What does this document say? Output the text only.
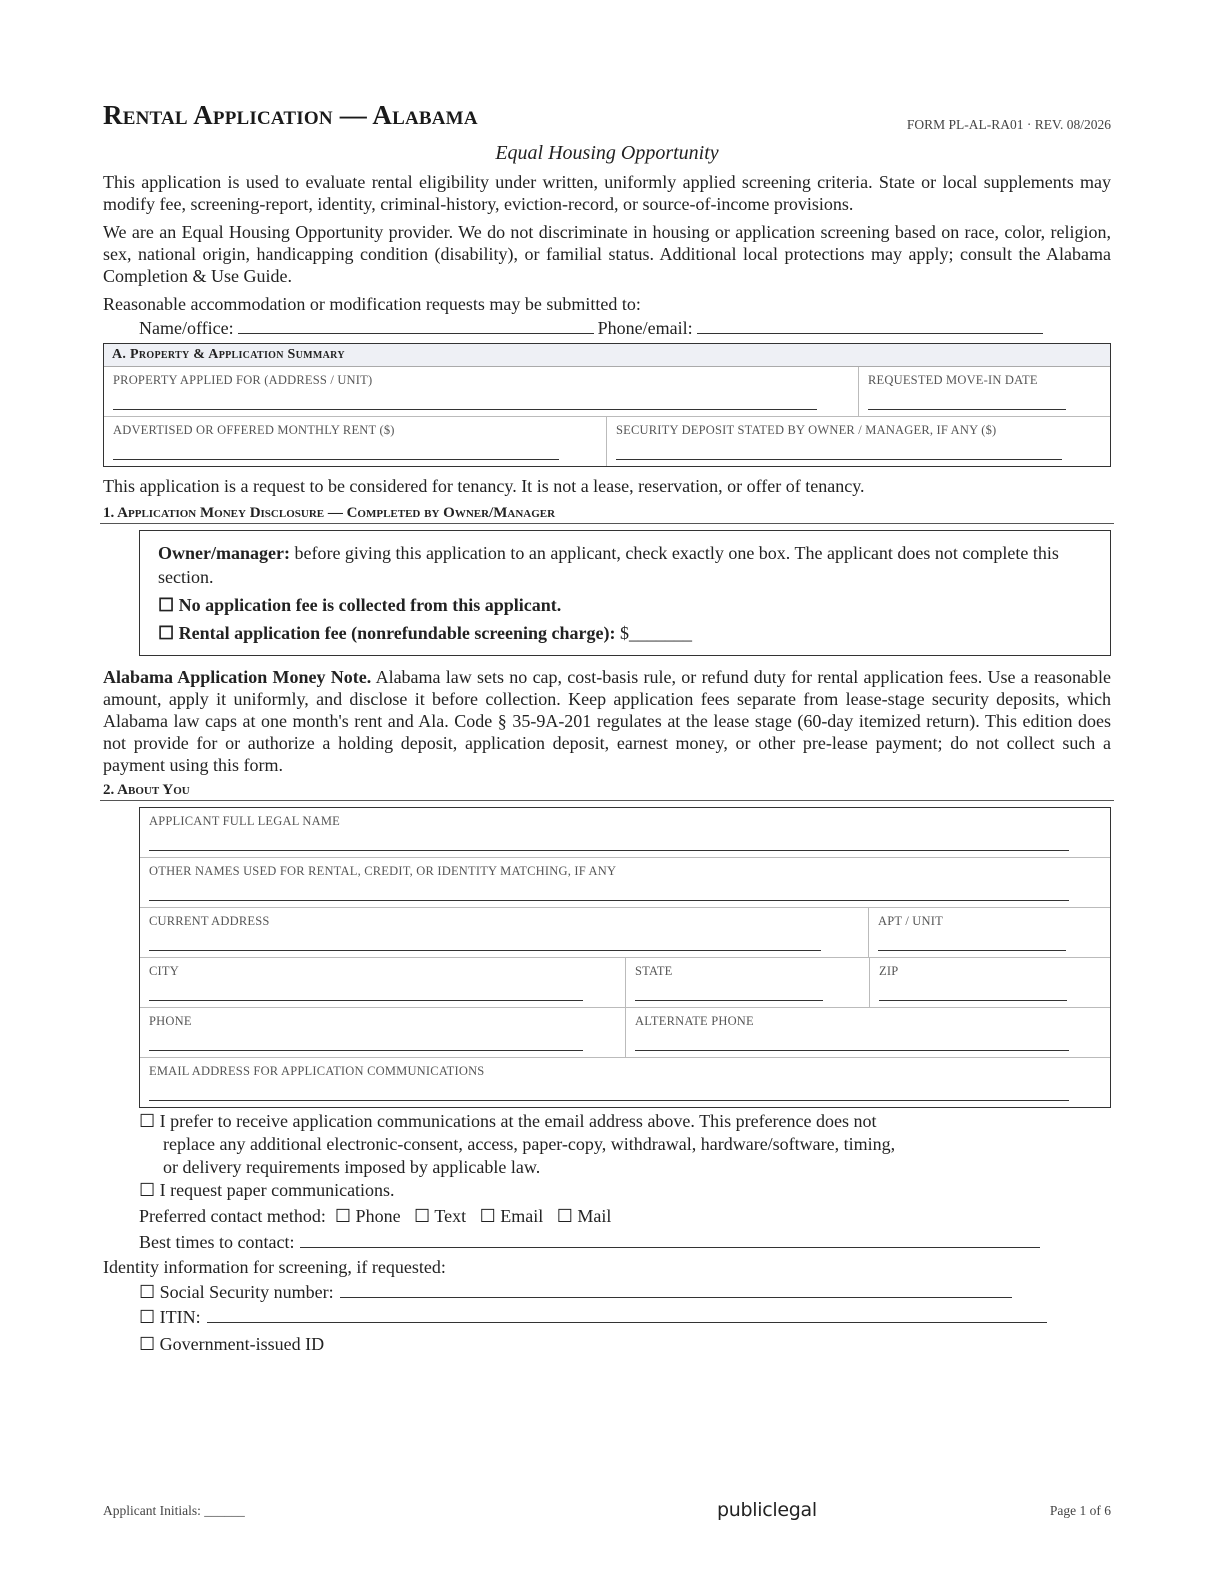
Rental Application — Alabama	FORM PL-AL-RA01 · REV. 08/2026
Equal Housing Opportunity

This application is used to evaluate rental eligibility under written, uniformly applied screening criteria. State or local supplements may modify fee, screening-report, identity, criminal-history, eviction-record, or source-of-income provisions.

We are an Equal Housing Opportunity provider. We do not discriminate in housing or application screening based on race, color, religion, sex, national origin, handicapping condition (disability), or familial status. Additional local protections may apply; consult the Alabama Completion & Use Guide.

Reasonable accommodation or modification requests may be submitted to:

Name/office:	Phone/email:
A. Property & Application Summary
PROPERTY APPLIED FOR (ADDRESS / UNIT)	REQUESTED MOVE-IN DATE
ADVERTISED OR OFFERED MONTHLY RENT ($)	SECURITY DEPOSIT STATED BY OWNER / MANAGER, IF ANY ($)

This application is a request to be considered for tenancy. It is not a lease, reservation, or offer of tenancy.

1. Application Money Disclosure — Completed by Owner/Manager
Owner/manager: before giving this application to an applicant, check exactly one box. The applicant does not complete this section.
☐ No application fee is collected from this applicant.
☐ Rental application fee (nonrefundable screening charge): $_______
Alabama Application Money Note. Alabama law sets no cap, cost-basis rule, or refund duty for rental application fees. Use a reasonable amount, apply it uniformly, and disclose it before collection. Keep application fees separate from lease-stage security deposits, which Alabama law caps at one month's rent and Ala. Code § 35-9A-201 regulates at the lease stage (60-day itemized return). This edition does not provide for or authorize a holding deposit, application deposit, earnest money, or other pre-lease payment; do not collect such a payment using this form.
2. About You
APPLICANT FULL LEGAL NAME
OTHER NAMES USED FOR RENTAL, CREDIT, OR IDENTITY MATCHING, IF ANY
CURRENT ADDRESS	APT / UNIT
CITY	STATE	ZIP
PHONE	ALTERNATE PHONE
EMAIL ADDRESS FOR APPLICATION COMMUNICATIONS
☐ I prefer to receive application communications at the email address above. This preference does not
replace any additional electronic-consent, access, paper-copy, withdrawal, hardware/software, timing,
or delivery requirements imposed by applicable law.
☐ I request paper communications.
Preferred contact method:  ☐ Phone   ☐ Text   ☐ Email   ☐ Mail
Best times to contact:
Identity information for screening, if requested:
☐ Social Security number:
☐ ITIN:
☐ Government-issued ID
Applicant Initials: ______	publiclegal	Page 1 of 6
